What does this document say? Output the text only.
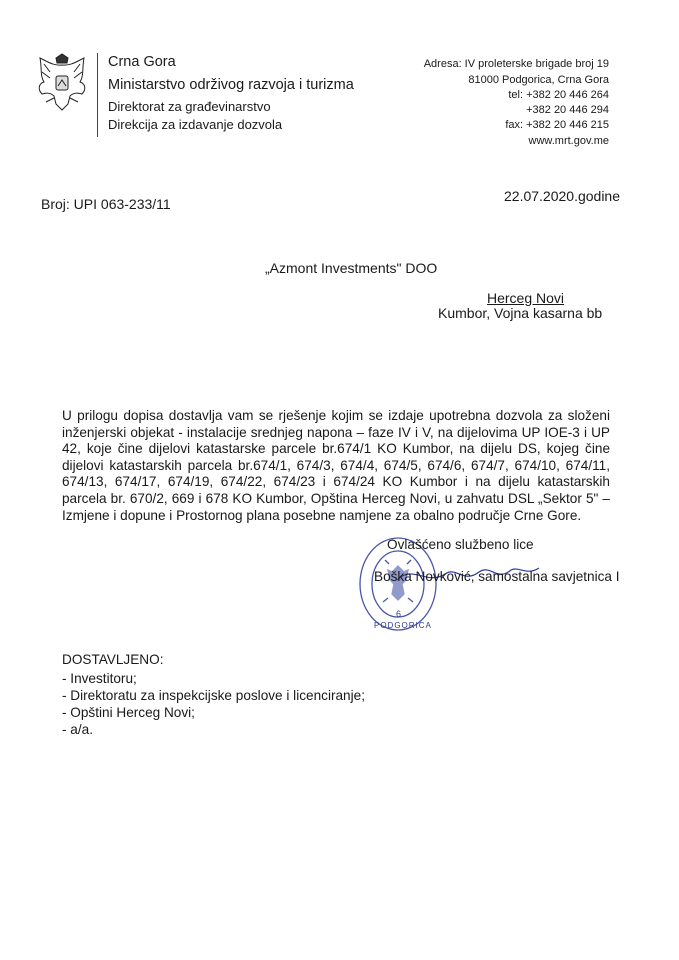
Crna Gora
Ministarstvo održivog razvoja i turizma
Direktorat za građevinarstvo
Direkcija za izdavanje dozvola
Adresa: IV proleterske brigade broj 19
81000 Podgorica, Crna Gora
tel: +382 20 446 264
+382 20 446 294
fax: +382 20 446 215
www.mrt.gov.me
Broj: UPI 063-233/11	22.07.2020.godine
„Azmont Investments" DOO
Herceg Novi
Kumbor, Vojna kasarna bb
U prilogu dopisa dostavlja vam se rješenje kojim se izdaje upotrebna dozvola za složeni inženjerski objekat - instalacije srednjeg napona – faze IV i V, na dijelovima UP IOE-3 i UP 42, koje čine dijelovi katastarske parcele br.674/1 KO Kumbor, na dijelu DS, kojeg čine dijelovi katastarskih parcela br.674/1, 674/3, 674/4, 674/5, 674/6, 674/7, 674/10, 674/11, 674/13, 674/17, 674/19, 674/22, 674/23 i 674/24 KO Kumbor i na dijelu katastarskih parcela br. 670/2, 669 i 678 KO Kumbor, Opština Herceg Novi, u zahvatu DSL „Sektor 5" – Izmjene i dopune i Prostornog plana posebne namjene za obalno područje Crne Gore.
6
PODGORICA
Ovlašćeno službeno lice
Boška Novković, samostalna savjetnica I
DOSTAVLJENO:
- Investitoru;
- Direktoratu za inspekcijske poslove i licenciranje;
- Opštini Herceg Novi;
- a/a.
